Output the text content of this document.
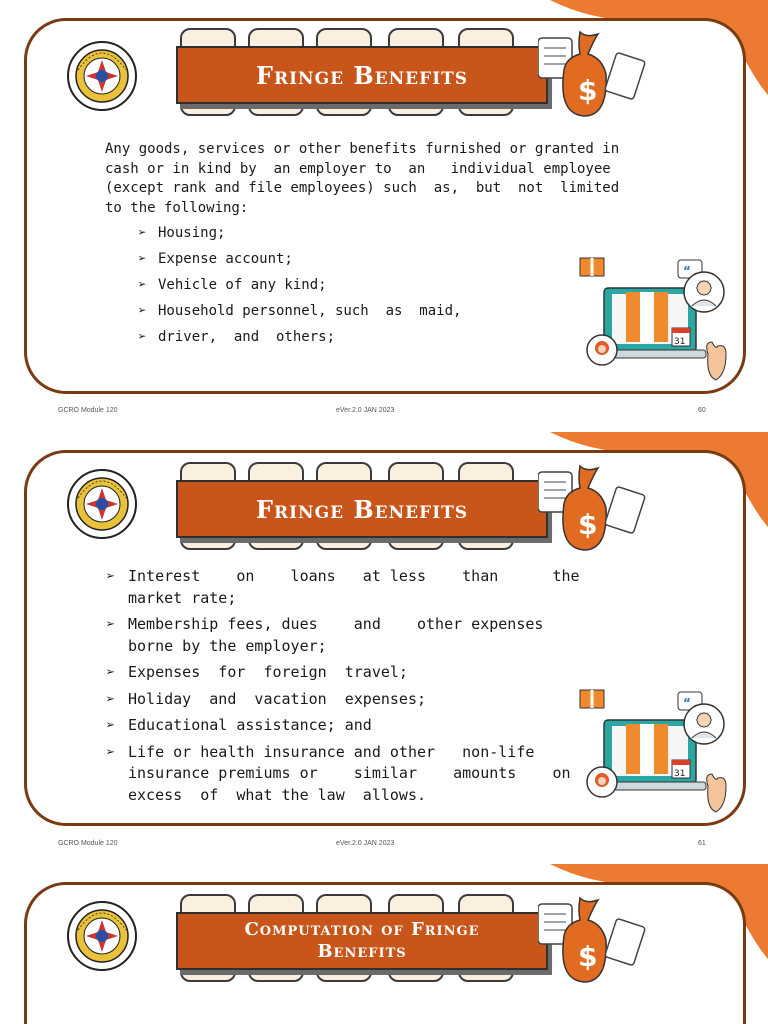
Fringe Benefits	$
Any goods, services or other benefits furnished or granted in
cash or in kind by  an employer to  an   individual employee
(except rank and file employees) such  as,  but  not  limited
to the following:
➢ Housing;
➢ Expense account;
➢ Vehicle of any kind;
➢ Household personnel, such  as  maid,
➢ driver,  and  others;	31
“
GCRO Module 120	eVer.2.0 JAN 2023	60
Fringe Benefits	$
➢ Interest    on    loans   at less    than      the
market rate;
➢ Membership fees, dues    and    other expenses
borne by the employer;
➢ Expenses  for  foreign  travel;
➢ Holiday  and  vacation  expenses;
➢ Educational assistance; and
➢ Life or health insurance and other   non-life
insurance premiums or    similar    amounts    on
excess  of  what the law  allows.
31
“
GCRO Module 120	eVer.2.0 JAN 2023	61
Computation of Fringe Benefits	$
